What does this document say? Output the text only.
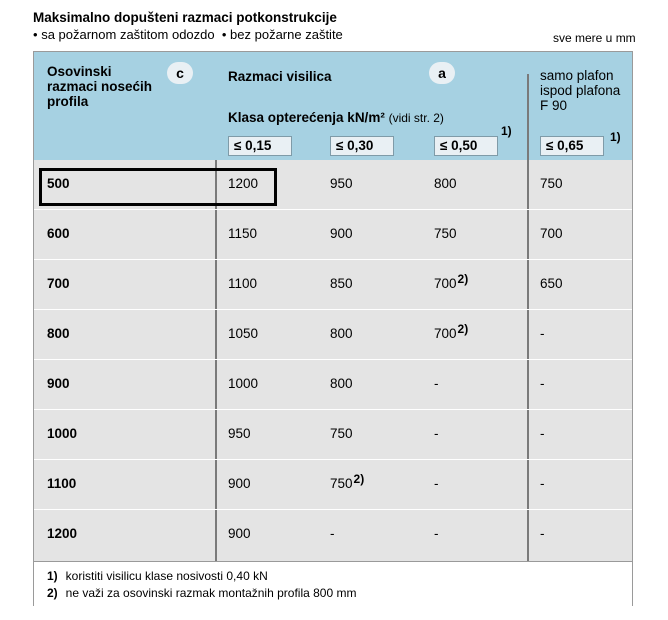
Maksimalno dopušteni razmaci potkonstrukcije
• sa požarnom zaštitom odozdo • bez požarne zaštite	sve mere u mm
Osovinski
razmaci nosećih
profila
c	Razmaci visilica	a
Klasa opterećenja kN/m² (vidi str. 2)
1)
≤ 0,15	≤ 0,30	≤ 0,50
samo plafon
ispod plafona
F 90
1)
≤ 0,65
500	1200	950	800	750
600	1150	900	750	700
700	1100	850	700$^{2)}$	650
800	1050	800	700$^{2)}$	-
900	1000	800	-	-
1000	950	750	-	-
1100	900	750$^{2)}$	-	-
1200	900	-	-	-
1) koristiti visilicu klase nosivosti 0,40 kN
2) ne važi za osovinski razmak montažnih profila 800 mm
